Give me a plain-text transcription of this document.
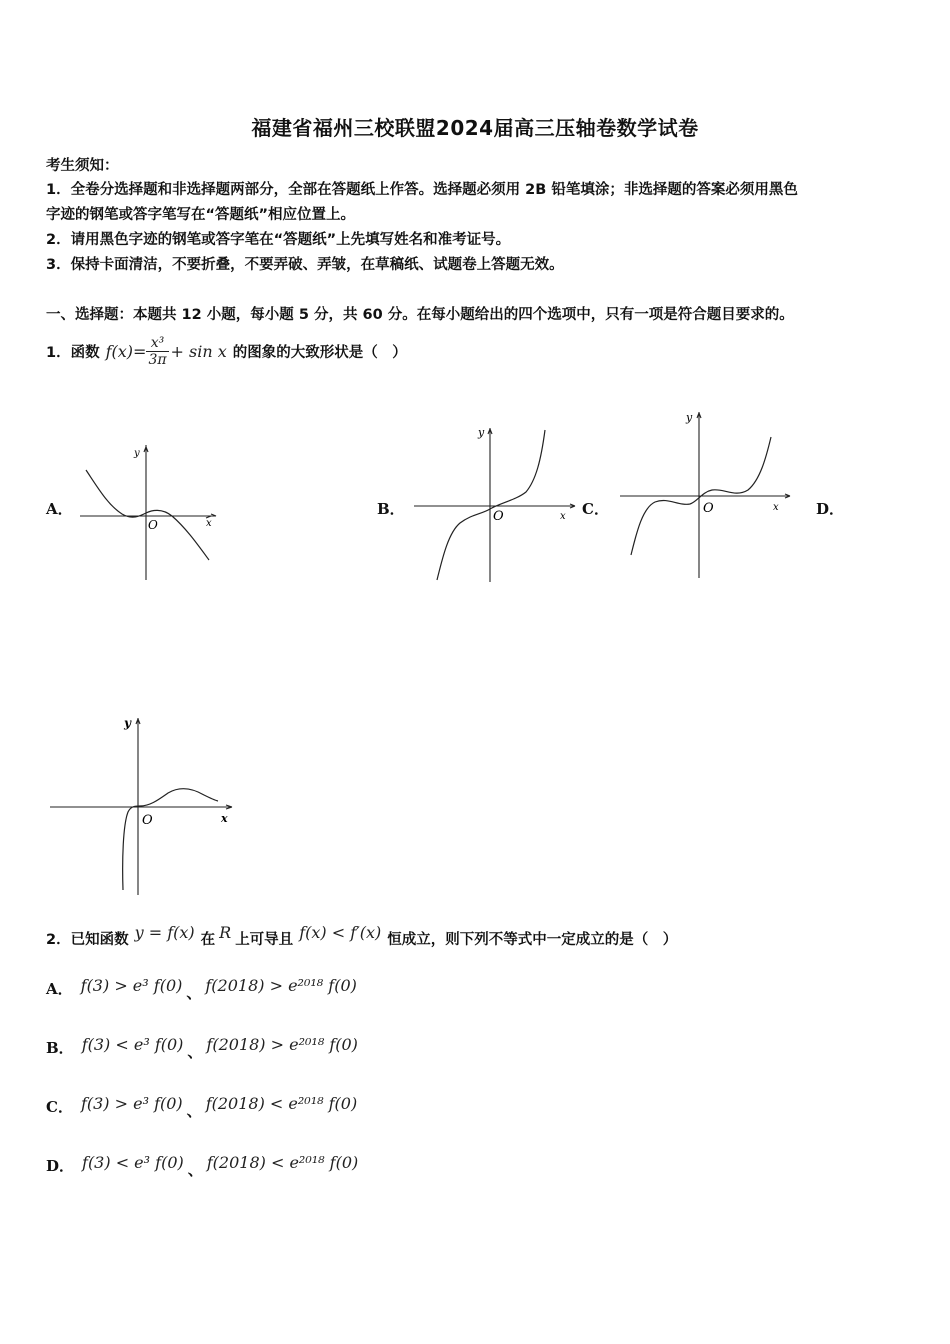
福建省福州三校联盟2024届高三压轴卷数学试卷
考生须知：
1．全卷分选择题和非选择题两部分，全部在答题纸上作答。选择题必须用 2B 铅笔填涂；非选择题的答案必须用黑色
字迹的钢笔或答字笔写在“答题纸”相应位置上。
2．请用黑色字迹的钢笔或答字笔在“答题纸”上先填写姓名和准考证号。
3．保持卡面清洁，不要折叠，不要弄破、弄皱，在草稿纸、试题卷上答题无效。
一、选择题：本题共 12 小题，每小题 5 分，共 60 分。在每小题给出的四个选项中，只有一项是符合题目要求的。
1．函数 $f(x)= \frac{\text{x³}}{3\pi} + \sin x$ 的图象的大致形状是（　）
A．	B．	C．	D．
y
x
O
y
x
O
y
x
O
y
x
O
2．已知函数 y = f(x) 在 R 上可导且 f(x) < f′(x) 恒成立，则下列不等式中一定成立的是（　）
A． f(3) > e³ f(0) 、 f(2018) > e²⁰¹⁸ f(0)
B． f(3) < e³ f(0) 、 f(2018) > e²⁰¹⁸ f(0)
C． f(3) > e³ f(0) 、 f(2018) < e²⁰¹⁸ f(0)
D． f(3) < e³ f(0) 、 f(2018) < e²⁰¹⁸ f(0)
